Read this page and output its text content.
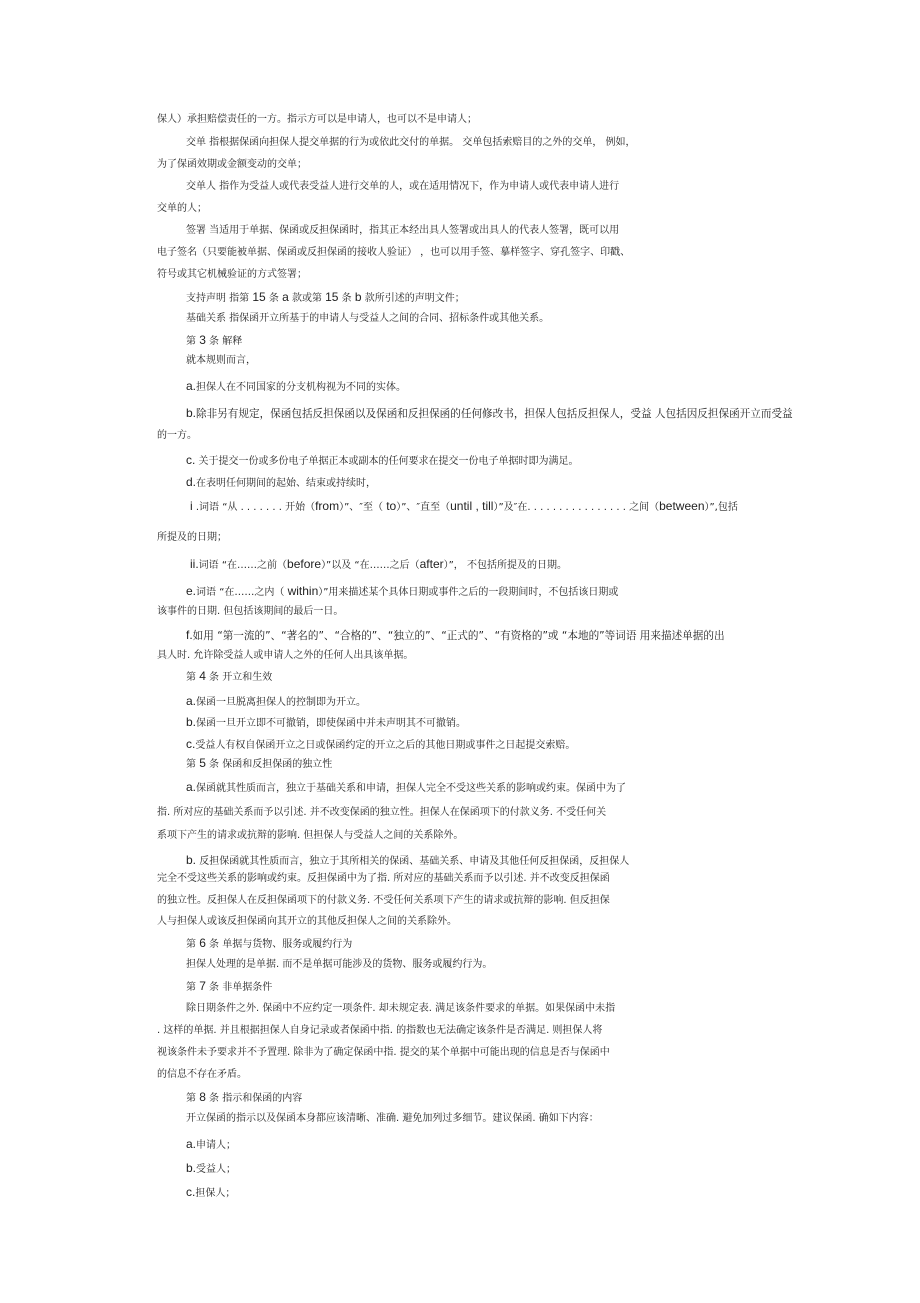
保人）承担赔偿责任的一方。指示方可以是申请人，也可以不是申请人；
交单 指根据保函向担保人提交单据的行为或依此交付的单据。 交单包括索赔目的之外的交单， 例如，
为了保函效期或金额变动的交单；
交单人 指作为受益人或代表受益人进行交单的人，或在适用情况下，作为申请人或代表申请人进行
交单的人；
签署 当适用于单据、保函或反担保函时，指其正本经出具人签署或出具人的代表人签署，既可以用
电子签名（只要能被单据、保函或反担保函的接收人验证） ，也可以用手签、摹样签字、穿孔签字、印戳、
符号或其它机械验证的方式签署；
支持声明 指第 15 条 a 款或第 15 条 b 款所引述的声明文件；
基础关系 指保函开立所基于的申请人与受益人之间的合同、招标条件或其他关系。
第 3 条 解释
就本规则而言，
a.担保人在不同国家的分支机构视为不同的实体。
b.除非另有规定，保函包括反担保函以及保函和反担保函的任何修改书，担保人包括反担保人，受益 人包括因反担保函开立而受益
的一方。
c. 关于提交一份或多份电子单据正本或副本的任何要求在提交一份电子单据时即为满足。
d.在表明任何期间的起始、结束或持续时，
i .词语 “从 . . . . . . . 开始（from）”、″至（ to）”、″直至（until , till）”及″在. . . . . . . . . . . . . . . . 之间（between）”,包括
所提及的日期；
ii.词语 “在……之前（before）”以及 “在……之后（after）”， 不包括所提及的日期。
e.词语 “在……之内（ within）”用来描述某个具体日期或事件之后的一段期间时，不包括该日期或
该事件的日期. 但包括该期间的最后一日。
f.如用 “第一流的”、“著名的”、“合格的”、“独立的”、“正式的”、“有资格的”或 “本地的”等词语 用来描述单据的出
具人时. 允许除受益人或申请人之外的任何人出具该单据。
第 4 条 开立和生效
a.保函一旦脱离担保人的控制即为开立。
b.保函一旦开立即不可撤销，即使保函中并未声明其不可撤销。
c.受益人有权自保函开立之日或保函约定的开立之后的其他日期或事件之日起提交索赔。
第 5 条 保函和反担保函的独立性
a.保函就其性质而言，独立于基础关系和申请，担保人完全不受这些关系的影响或约束。保函中为了
指. 所对应的基础关系而予以引述. 并不改变保函的独立性。担保人在保函项下的付款义务. 不受任何关
系项下产生的请求或抗辩的影响. 但担保人与受益人之间的关系除外。
b. 反担保函就其性质而言，独立于其所相关的保函、基础关系、申请及其他任何反担保函，反担保人
完全不受这些关系的影响或约束。反担保函中为了指. 所对应的基础关系而予以引述. 并不改变反担保函
的独立性。反担保人在反担保函项下的付款义务. 不受任何关系项下产生的请求或抗辩的影响. 但反担保
人与担保人或该反担保函向其开立的其他反担保人之间的关系除外。
第 6 条 单据与货物、服务或履约行为
担保人处理的是单据. 而不是单据可能涉及的货物、服务或履约行为。
第 7 条 非单据条件
除日期条件之外. 保函中不应约定一项条件. 却未规定表. 满足该条件要求的单据。如果保函中未指
. 这样的单据. 并且根据担保人自身记录或者保函中指. 的指数也无法确定该条件是否满足. 则担保人将
视该条件未予要求并不予置理. 除非为了确定保函中指. 提交的某个单据中可能出现的信息是否与保函中
的信息不存在矛盾。
第 8 条 指示和保函的内容
开立保函的指示以及保函本身都应该清晰、准确. 避免加列过多细节。建议保函. 确如下内容：
a.申请人；
b.受益人；
c.担保人；
